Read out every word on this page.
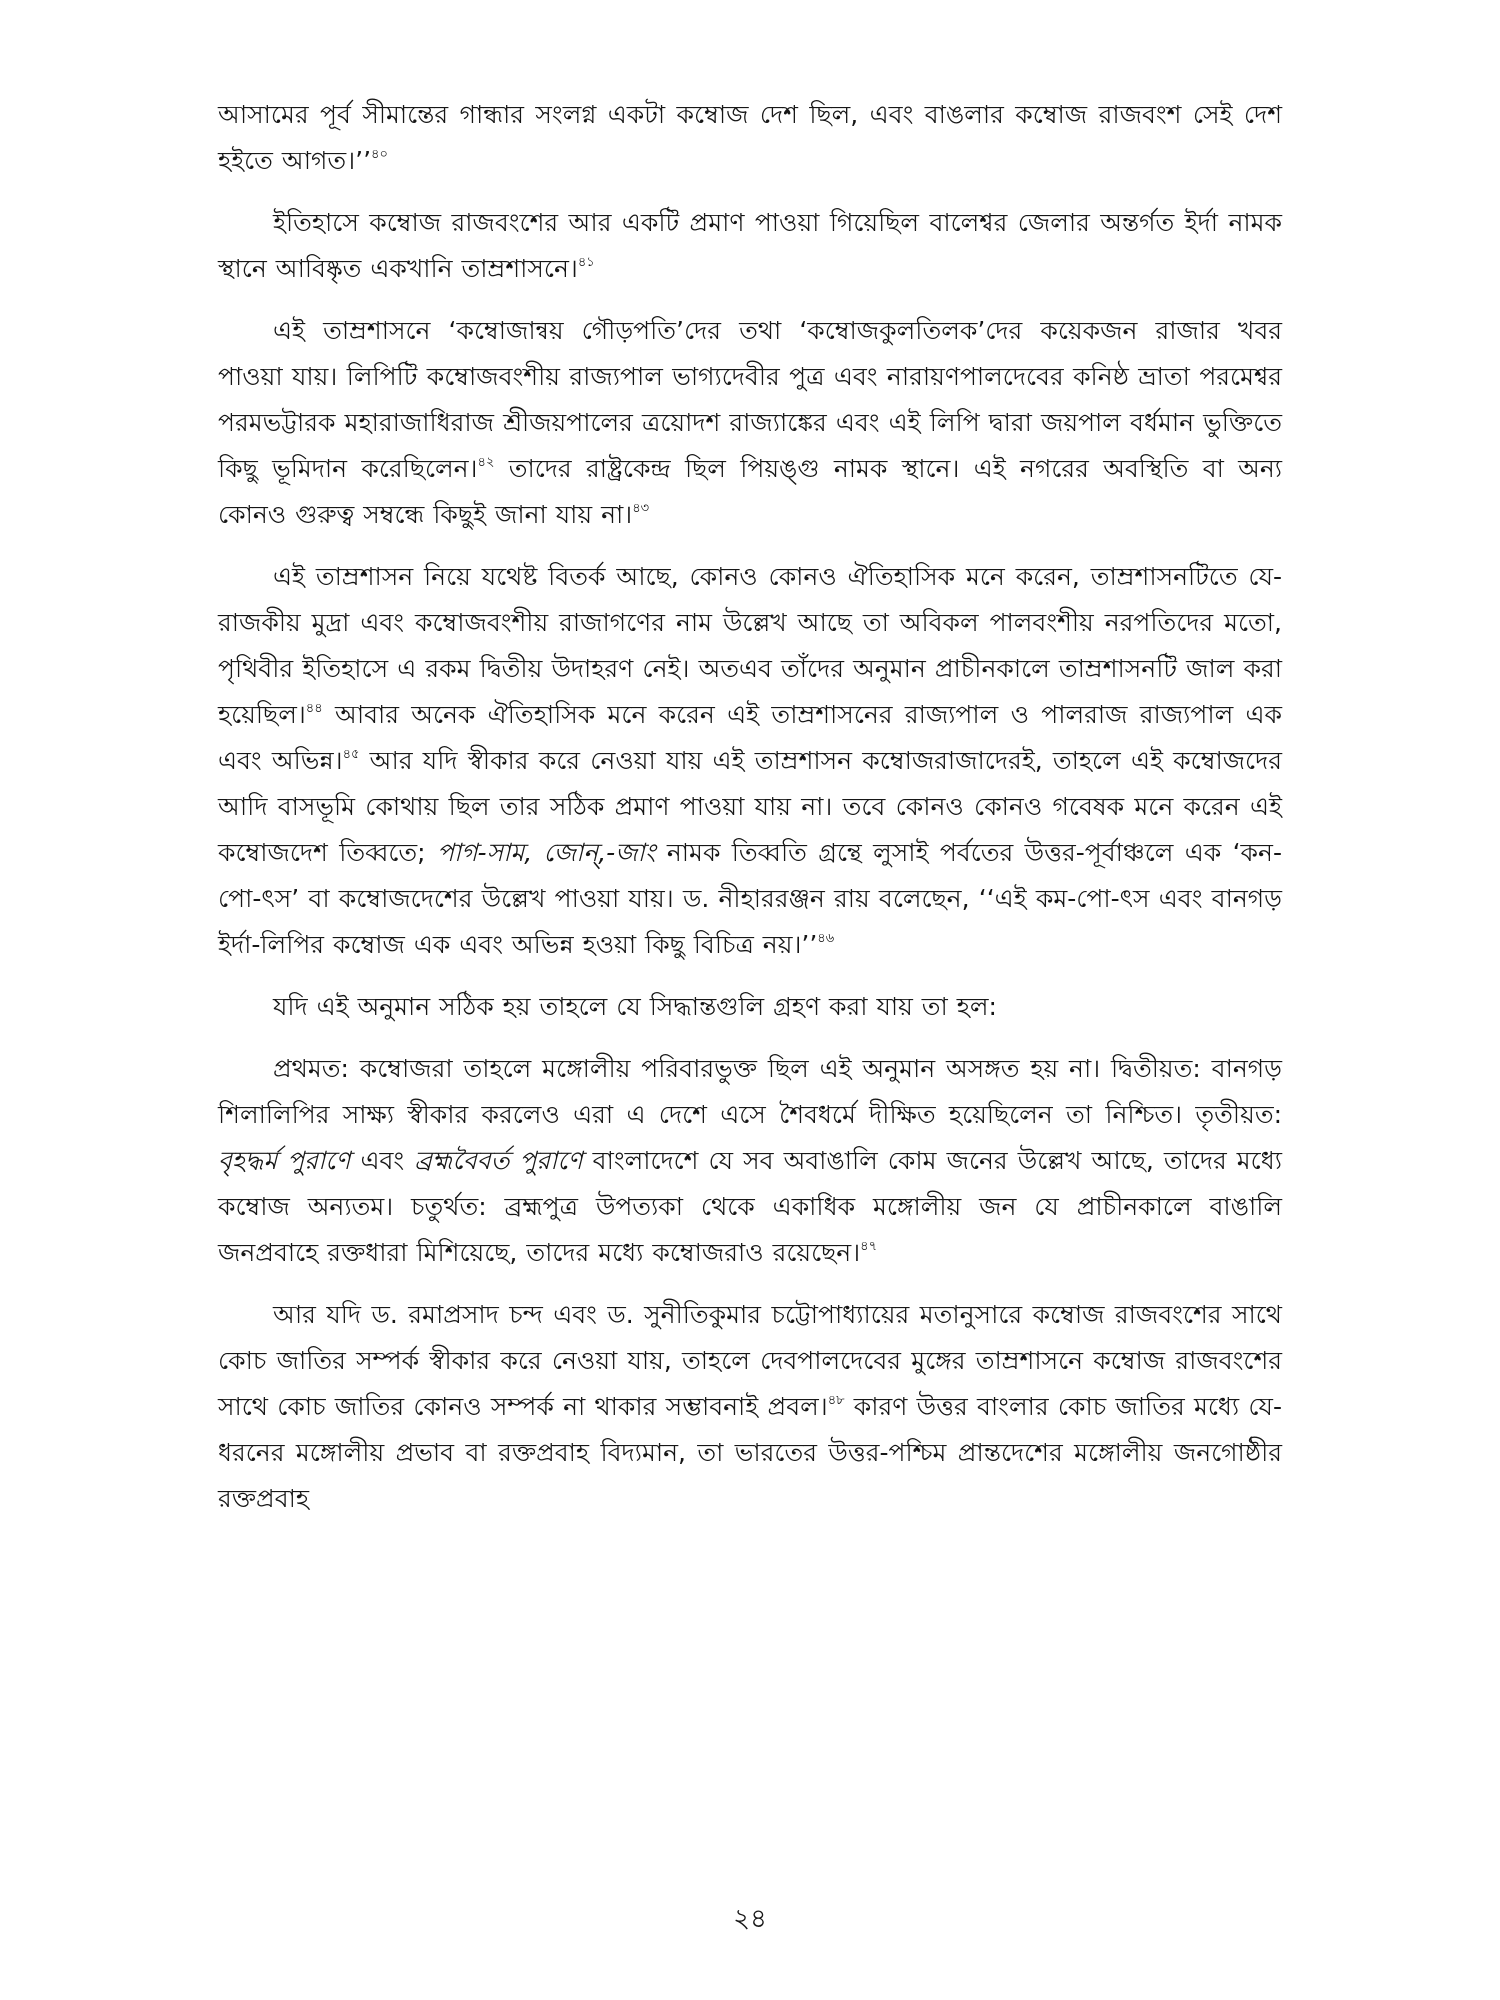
আসামের পূর্ব সীমান্তের গান্ধার সংলগ্ন একটা কম্বোজ দেশ ছিল, এবং বাঙলার কম্বোজ রাজবংশ সেই দেশ হইতে আগত।’’$^{৪০}$

ইতিহাসে কম্বোজ রাজবংশের আর একটি প্রমাণ পাওয়া গিয়েছিল বালেশ্বর জেলার অন্তর্গত ইর্দা নামক স্থানে আবিষ্কৃত একখানি তাম্রশাসনে।$^{৪১}$

এই তাম্রশাসনে ‘কম্বোজান্বয় গৌড়পতি’দের তথা ‘কম্বোজকুলতিলক’দের কয়েকজন রাজার খবর পাওয়া যায়। লিপিটি কম্বোজবংশীয় রাজ্যপাল ভাগ্যদেবীর পুত্র এবং নারায়ণপালদেবের কনিষ্ঠ ভ্রাতা পরমেশ্বর পরমভট্টারক মহারাজাধিরাজ শ্রীজয়পালের ত্রয়োদশ রাজ্যাঙ্কের এবং এই লিপি দ্বারা জয়পাল বর্ধমান ভুক্তিতে কিছু ভূমিদান করেছিলেন।$^{৪২}$ তাদের রাষ্ট্রকেন্দ্র ছিল পিয়ঙ্গু নামক স্থানে। এই নগরের অবস্থিতি বা অন্য কোনও গুরুত্ব সম্বন্ধে কিছুই জানা যায় না।$^{৪৩}$

এই তাম্রশাসন নিয়ে যথেষ্ট বিতর্ক আছে, কোনও কোনও ঐতিহাসিক মনে করেন, তাম্রশাসনটিতে যে-রাজকীয় মুদ্রা এবং কম্বোজবংশীয় রাজাগণের নাম উল্লেখ আছে তা অবিকল পালবংশীয় নরপতিদের মতো, পৃথিবীর ইতিহাসে এ রকম দ্বিতীয় উদাহরণ নেই। অতএব তাঁদের অনুমান প্রাচীনকালে তাম্রশাসনটি জাল করা হয়েছিল।$^{৪৪}$ আবার অনেক ঐতিহাসিক মনে করেন এই তাম্রশাসনের রাজ্যপাল ও পালরাজ রাজ্যপাল এক এবং অভিন্ন।$^{৪৫}$ আর যদি স্বীকার করে নেওয়া যায় এই তাম্রশাসন কম্বোজরাজাদেরই, তাহলে এই কম্বোজদের আদি বাসভূমি কোথায় ছিল তার সঠিক প্রমাণ পাওয়া যায় না। তবে কোনও কোনও গবেষক মনে করেন এই কম্বোজদেশ তিব্বতে; পাগ-সাম, জোন্,-জাং নামক তিব্বতি গ্রন্থে লুসাই পর্বতের উত্তর-পূর্বাঞ্চলে এক ‘কন-পো-ৎস’ বা কম্বোজদেশের উল্লেখ পাওয়া যায়। ড. নীহাররঞ্জন রায় বলেছেন, ‘‘এই কম-পো-ৎস এবং বানগড় ইর্দা-লিপির কম্বোজ এক এবং অভিন্ন হওয়া কিছু বিচিত্র নয়।’’$^{৪৬}$

যদি এই অনুমান সঠিক হয় তাহলে যে সিদ্ধান্তগুলি গ্রহণ করা যায় তা হল:

প্রথমত: কম্বোজরা তাহলে মঙ্গোলীয় পরিবারভুক্ত ছিল এই অনুমান অসঙ্গত হয় না। দ্বিতীয়ত: বানগড় শিলালিপির সাক্ষ্য স্বীকার করলেও এরা এ দেশে এসে শৈবধর্মে দীক্ষিত হয়েছিলেন তা নিশ্চিত। তৃতীয়ত: বৃহদ্ধর্ম পুরাণে এবং ব্রহ্মবৈবর্ত পুরাণে বাংলাদেশে যে সব অবাঙালি কোম জনের উল্লেখ আছে, তাদের মধ্যে কম্বোজ অন্যতম। চতুর্থত: ব্রহ্মপুত্র উপত্যকা থেকে একাধিক মঙ্গোলীয় জন যে প্রাচীনকালে বাঙালি জনপ্রবাহে রক্তধারা মিশিয়েছে, তাদের মধ্যে কম্বোজরাও রয়েছেন।$^{৪৭}$

আর যদি ড. রমাপ্রসাদ চন্দ এবং ড. সুনীতিকুমার চট্টোপাধ্যায়ের মতানুসারে কম্বোজ রাজবংশের সাথে কোচ জাতির সম্পর্ক স্বীকার করে নেওয়া যায়, তাহলে দেবপালদেবের মুঙ্গের তাম্রশাসনে কম্বোজ রাজবংশের সাথে কোচ জাতির কোনও সম্পর্ক না থাকার সম্ভাবনাই প্রবল।$^{৪৮}$ কারণ উত্তর বাংলার কোচ জাতির মধ্যে যে-ধরনের মঙ্গোলীয় প্রভাব বা রক্তপ্রবাহ বিদ্যমান, তা ভারতের উত্তর-পশ্চিম প্রান্তদেশের মঙ্গোলীয় জনগোষ্ঠীর রক্তপ্রবাহ

২৪
